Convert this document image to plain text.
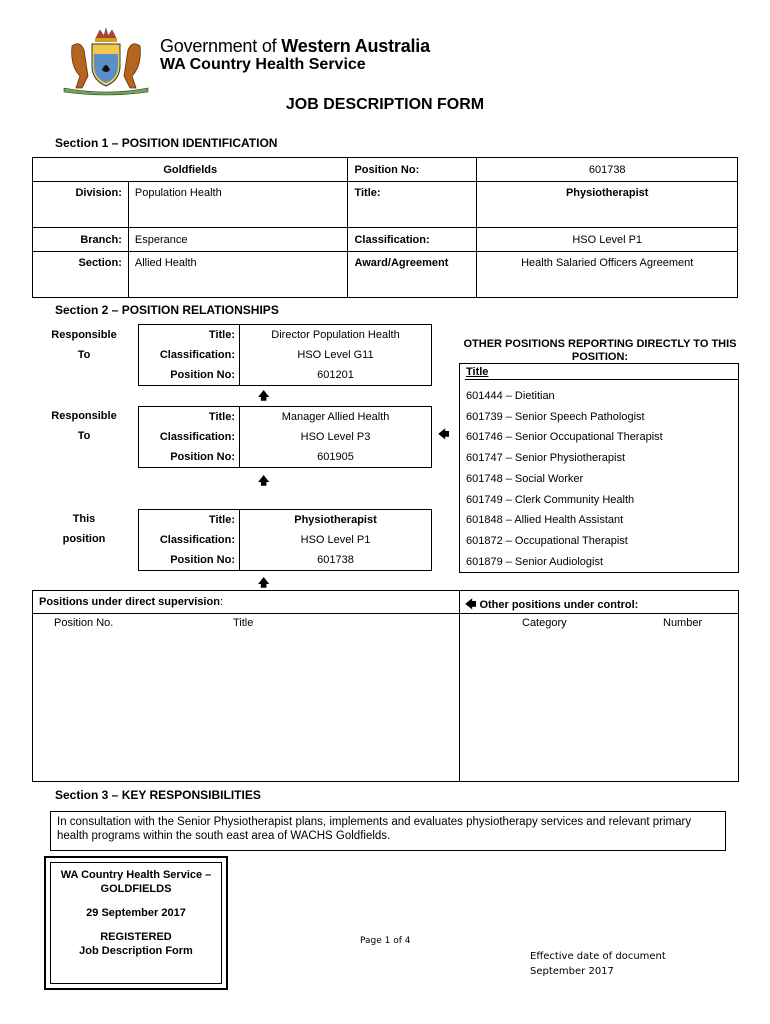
Government of Western Australia
WA Country Health Service
JOB DESCRIPTION FORM
Section 1 – POSITION IDENTIFICATION
Goldfields		Position No:	601738
Division:	Population Health	Title:	Physiotherapist
Branch:	Esperance	Classification:	HSO Level P1
Section:	Allied Health	Award/Agreement	Health Salaried Officers Agreement
Section 2 – POSITION RELATIONSHIPS
Responsible
To
Title:	Director Population Health
Classification:	HSO Level G11
Position No:	601201
🡅
Responsible
To
Title:	Manager Allied Health
Classification:	HSO Level P3
Position No:	601905
🡄
🡅
This
position
Title:	Physiotherapist
Classification:	HSO Level P1
Position No:	601738
🡅
OTHER POSITIONS REPORTING DIRECTLY TO THIS POSITION:
Title
601444 – Dietitian
601739 – Senior Speech Pathologist
601746 – Senior Occupational Therapist
601747 – Senior Physiotherapist
601748 – Social Worker
601749 – Clerk Community Health
601848 – Allied Health Assistant
601872 – Occupational Therapist
601879 – Senior Audiologist
Positions under direct supervision:	🡄 Other positions under control:
Position No.	Title	Category	Number
Section 3 – KEY RESPONSIBILITIES
In consultation with the Senior Physiotherapist plans, implements and evaluates physiotherapy services and relevant primary health programs within the south east area of WACHS Goldfields.
WA Country Health Service –
GOLDFIELDS
29 September 2017
REGISTERED
Job Description Form
Page 1 of 4
Effective date of document
September 2017
